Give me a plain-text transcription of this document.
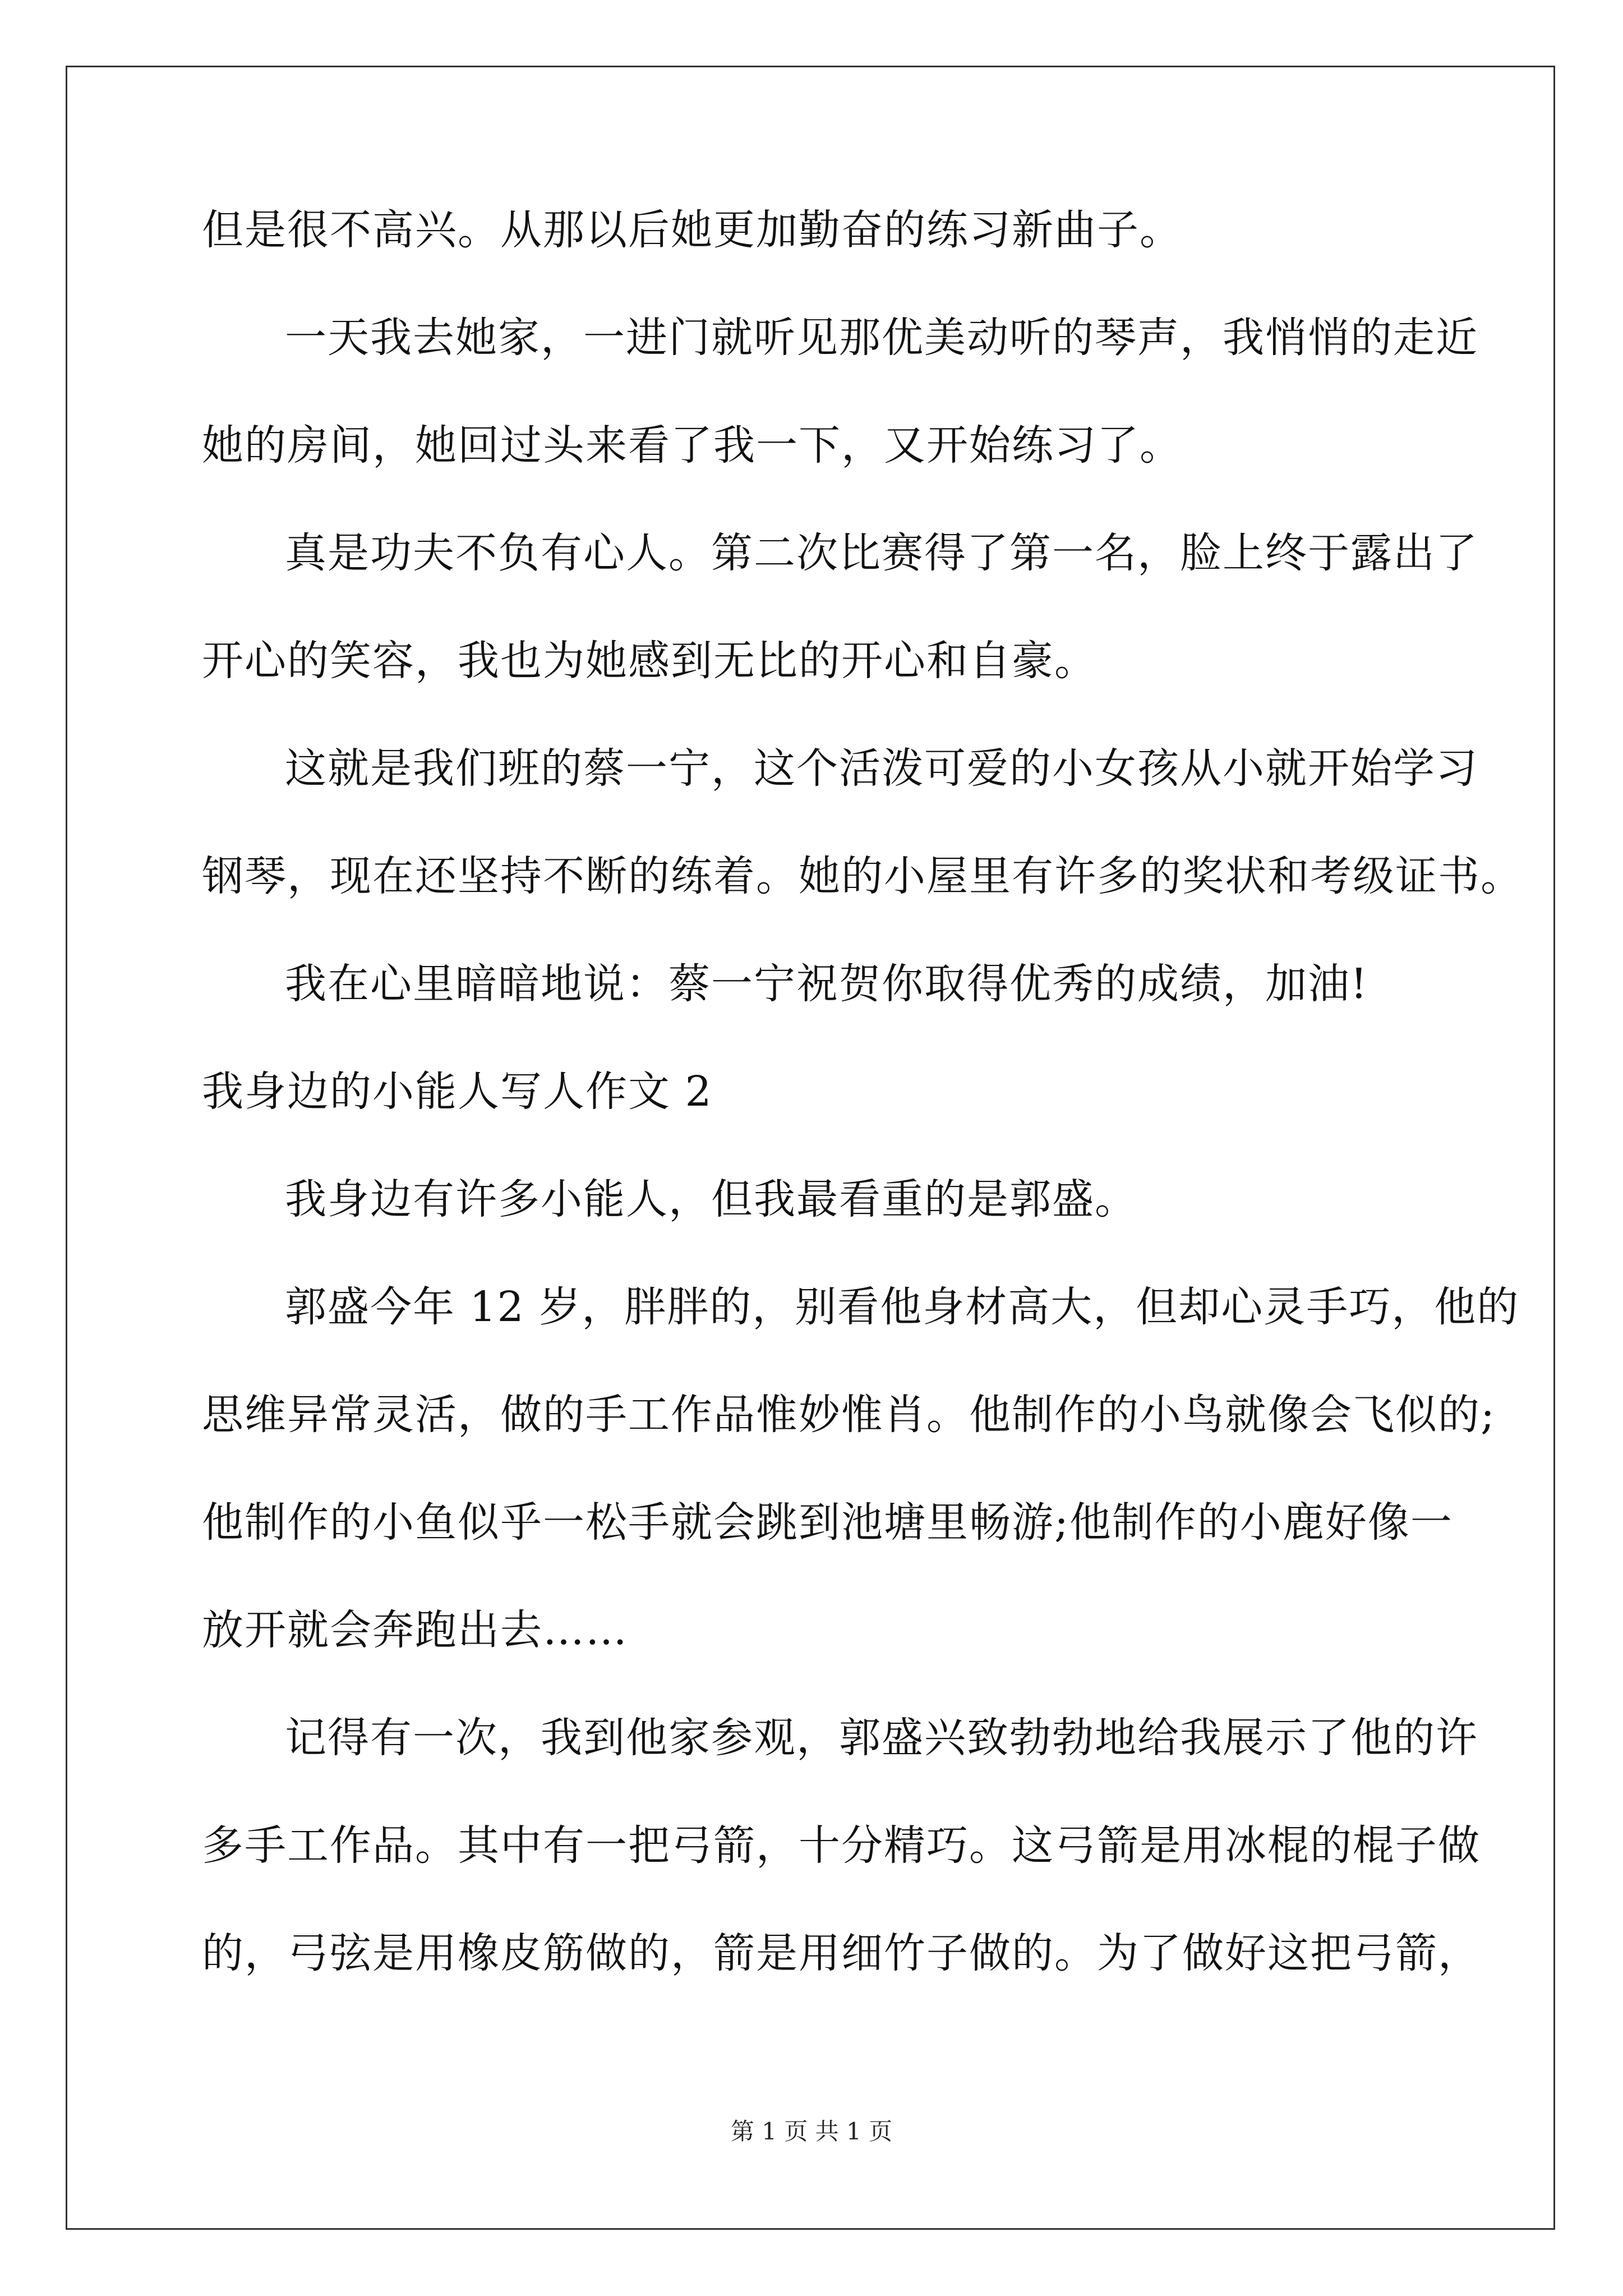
但是很不高兴。从那以后她更加勤奋的练习新曲子。
一天我去她家，一进门就听见那优美动听的琴声，我悄悄的走近
她的房间，她回过头来看了我一下，又开始练习了。
真是功夫不负有心人。第二次比赛得了第一名，脸上终于露出了
开心的笑容，我也为她感到无比的开心和自豪。
这就是我们班的蔡一宁，这个活泼可爱的小女孩从小就开始学习
钢琴，现在还坚持不断的练着。她的小屋里有许多的奖状和考级证书。
我在心里暗暗地说：蔡一宁祝贺你取得优秀的成绩，加油!
我身边的小能人写人作文 2
我身边有许多小能人，但我最看重的是郭盛。
郭盛今年 12 岁，胖胖的，别看他身材高大，但却心灵手巧，他的
思维异常灵活，做的手工作品惟妙惟肖。他制作的小鸟就像会飞似的;
他制作的小鱼似乎一松手就会跳到池塘里畅游;他制作的小鹿好像一
放开就会奔跑出去……
记得有一次，我到他家参观，郭盛兴致勃勃地给我展示了他的许
多手工作品。其中有一把弓箭，十分精巧。这弓箭是用冰棍的棍子做
的，弓弦是用橡皮筋做的，箭是用细竹子做的。为了做好这把弓箭，
第 1 页 共 1 页
